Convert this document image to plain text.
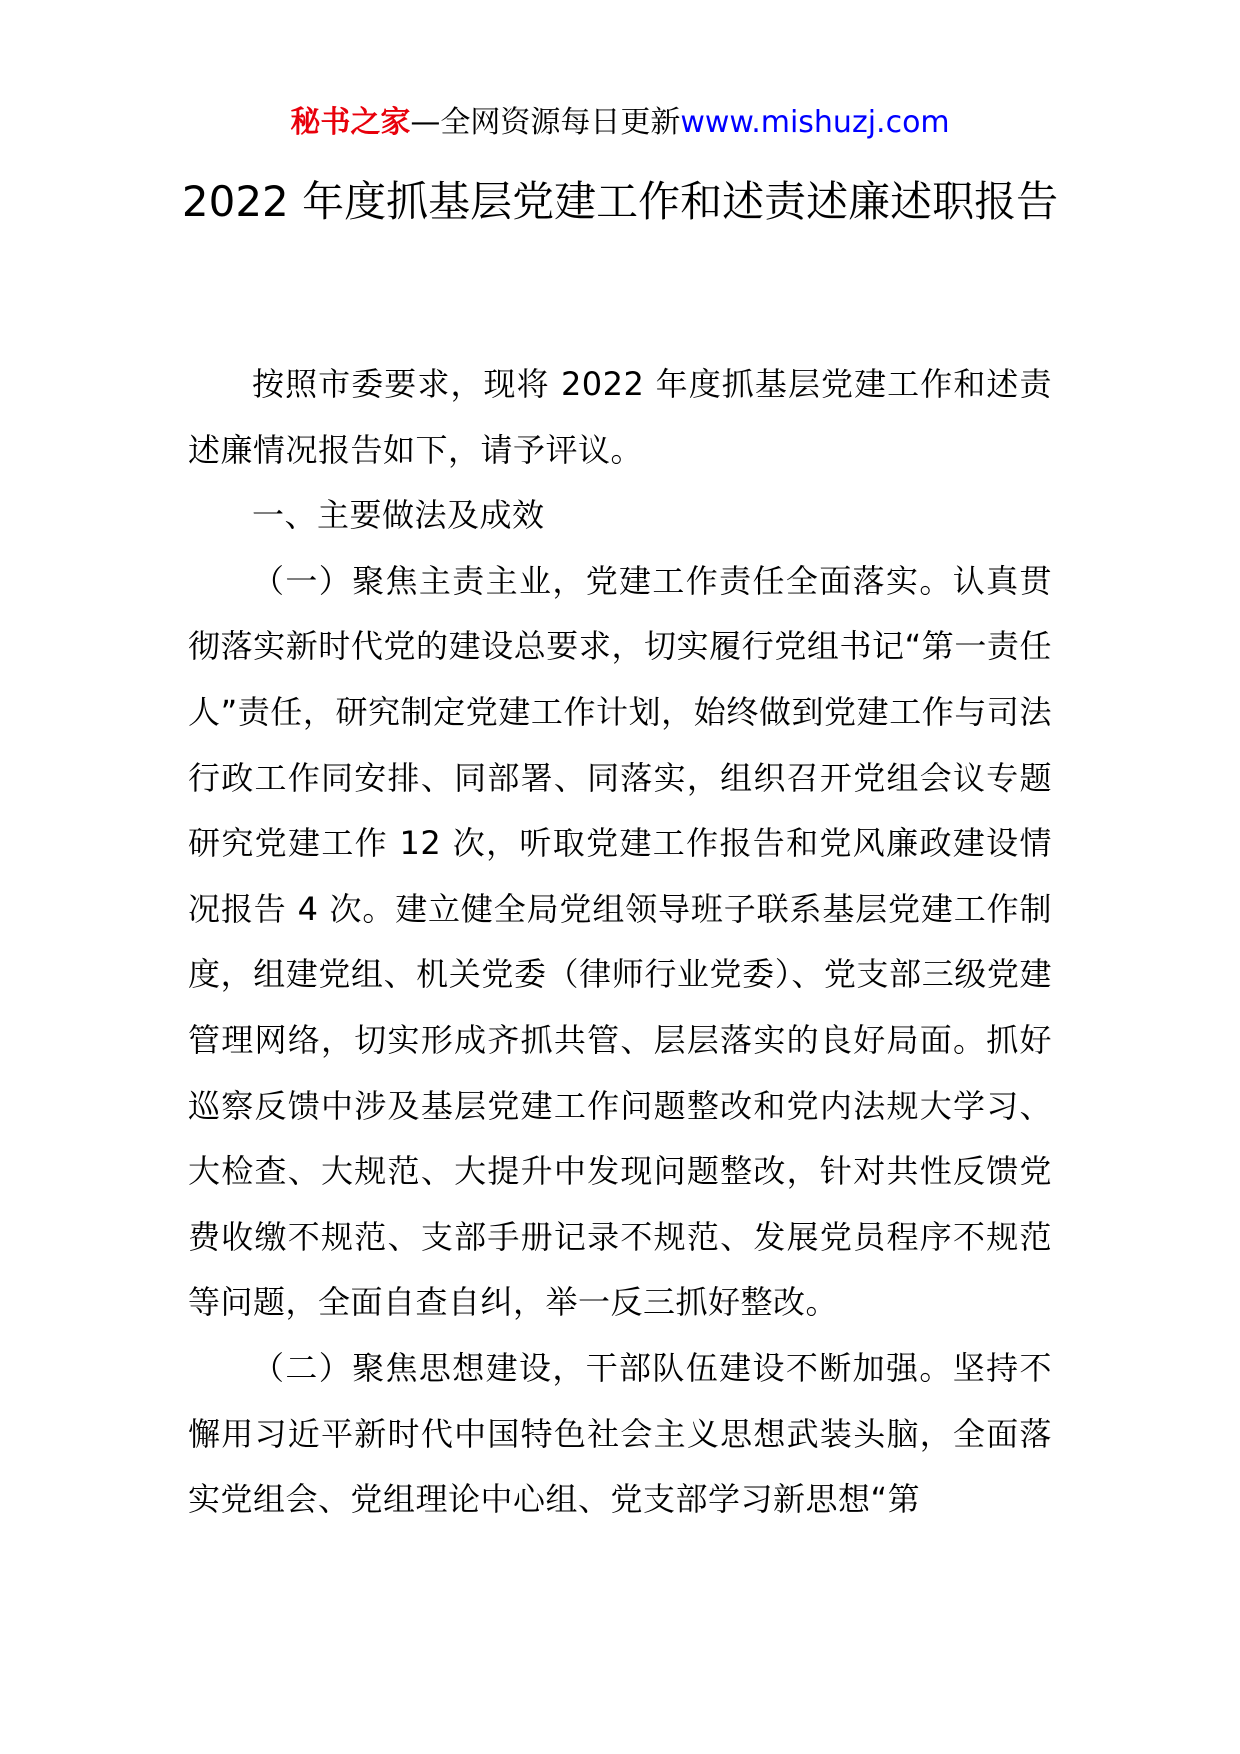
秘书之家—全网资源每日更新www.mishuzj.com
2022 年度抓基层党建工作和述责述廉述职报告

按照市委要求，现将 2022 年度抓基层党建工作和述责述廉情况报告如下，请予评议。

一、主要做法及成效

（一）聚焦主责主业，党建工作责任全面落实。认真贯彻落实新时代党的建设总要求，切实履行党组书记“第一责任人”责任，研究制定党建工作计划，始终做到党建工作与司法行政工作同安排、同部署、同落实，组织召开党组会议专题研究党建工作 12 次，听取党建工作报告和党风廉政建设情况报告 4 次。建立健全局党组领导班子联系基层党建工作制度，组建党组、机关党委（律师行业党委）、党支部三级党建管理网络，切实形成齐抓共管、层层落实的良好局面。抓好巡察反馈中涉及基层党建工作问题整改和党内法规大学习、大检查、大规范、大提升中发现问题整改，针对共性反馈党费收缴不规范、支部手册记录不规范、发展党员程序不规范等问题，全面自查自纠，举一反三抓好整改。

（二）聚焦思想建设，干部队伍建设不断加强。坚持不懈用习近平新时代中国特色社会主义思想武装头脑，全面落实党组会、党组理论中心组、党支部学习新思想“第
